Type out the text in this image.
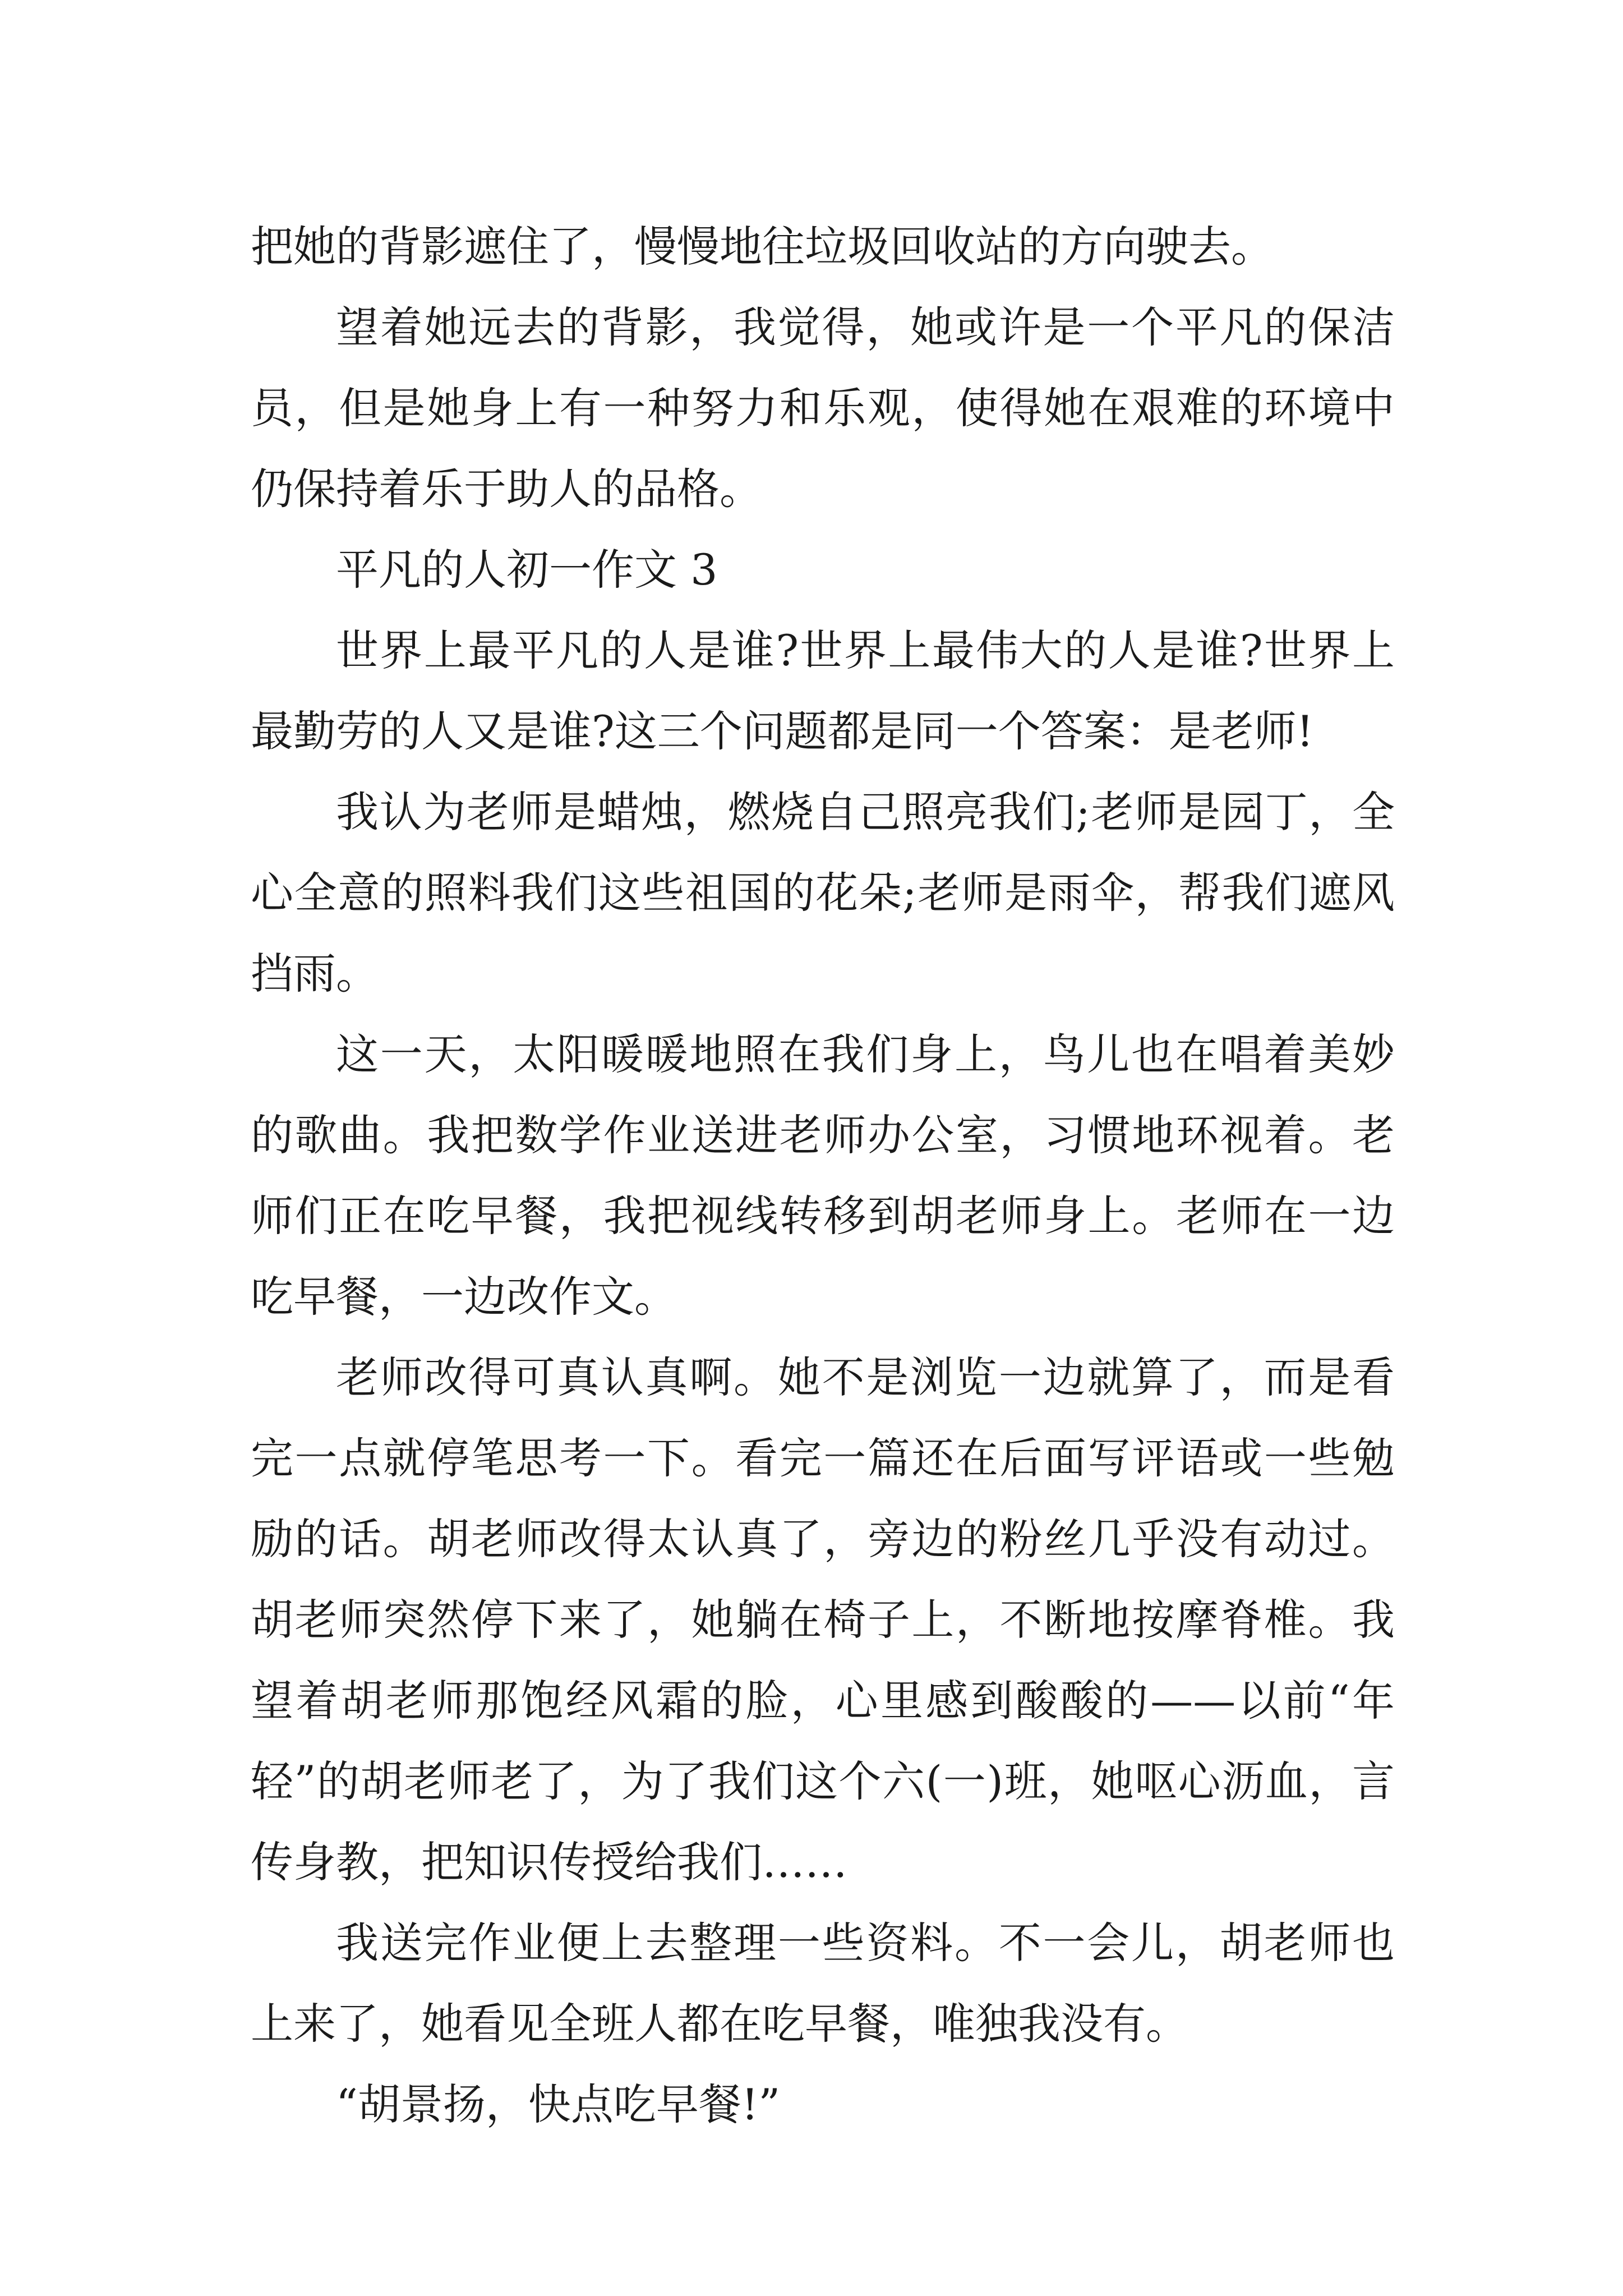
把她的背影遮住了，慢慢地往垃圾回收站的方向驶去。

望着她远去的背影，我觉得，她或许是一个平凡的保洁员，但是她身上有一种努力和乐观，使得她在艰难的环境中仍保持着乐于助人的品格。

平凡的人初一作文 3

世界上最平凡的人是谁?世界上最伟大的人是谁?世界上最勤劳的人又是谁?这三个问题都是同一个答案：是老师!

我认为老师是蜡烛，燃烧自己照亮我们;老师是园丁，全心全意的照料我们这些祖国的花朵;老师是雨伞，帮我们遮风挡雨。

这一天，太阳暖暖地照在我们身上，鸟儿也在唱着美妙的歌曲。我把数学作业送进老师办公室，习惯地环视着。老师们正在吃早餐，我把视线转移到胡老师身上。老师在一边吃早餐，一边改作文。

老师改得可真认真啊。她不是浏览一边就算了，而是看完一点就停笔思考一下。看完一篇还在后面写评语或一些勉励的话。胡老师改得太认真了，旁边的粉丝几乎没有动过。胡老师突然停下来了，她躺在椅子上，不断地按摩脊椎。我望着胡老师那饱经风霜的脸，心里感到酸酸的——以前“年轻”的胡老师老了，为了我们这个六(一)班，她呕心沥血，言传身教，把知识传授给我们……

我送完作业便上去整理一些资料。不一会儿，胡老师也上来了，她看见全班人都在吃早餐，唯独我没有。

“胡景扬，快点吃早餐!”
